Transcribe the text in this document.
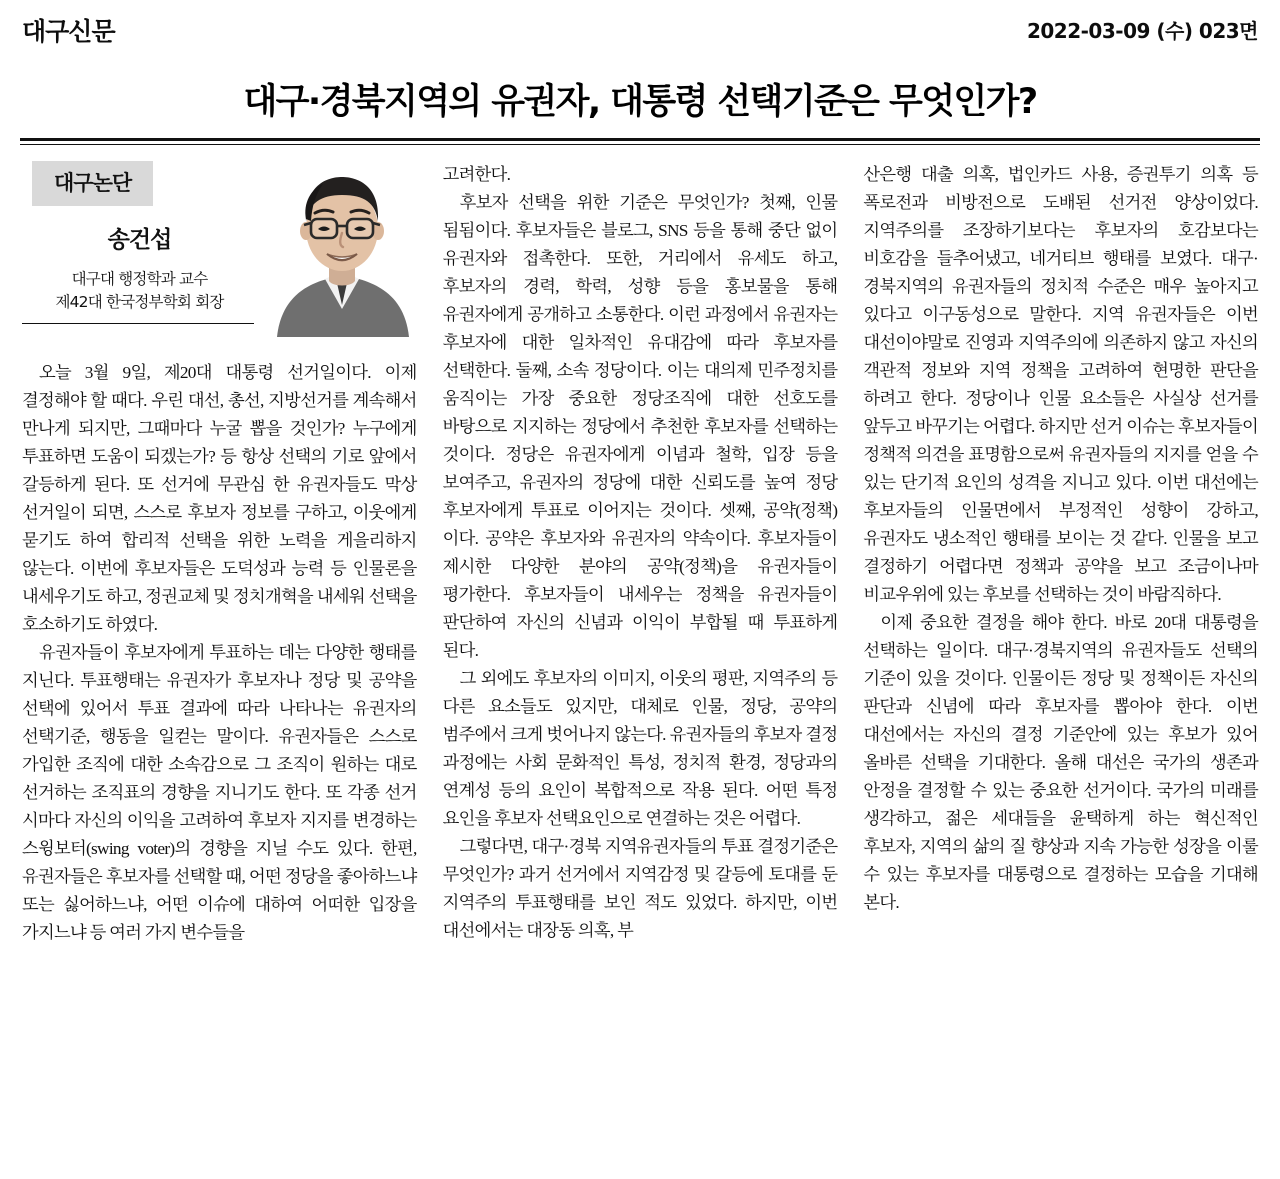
대구신문	2022-03-09 (수) 023면
대구·경북지역의 유권자, 대통령 선택기준은 무엇인가?
대구논단
송건섭
대구대 행정학과 교수
제42대 한국정부학회 회장

오늘 3월 9일, 제20대 대통령 선거일이다. 이제 결정해야 할 때다. 우린 대선, 총선, 지방선거를 계속해서 만나게 되지만, 그때마다 누굴 뽑을 것인가? 누구에게 투표하면 도움이 되겠는가? 등 항상 선택의 기로 앞에서 갈등하게 된다. 또 선거에 무관심 한 유권자들도 막상 선거일이 되면, 스스로 후보자 정보를 구하고, 이웃에게 묻기도 하여 합리적 선택을 위한 노력을 게을리하지 않는다. 이번에 후보자들은 도덕성과 능력 등 인물론을 내세우기도 하고, 정권교체 및 정치개혁을 내세워 선택을 호소하기도 하였다.

유권자들이 후보자에게 투표하는 데는 다양한 행태를 지닌다. 투표행태는 유권자가 후보자나 정당 및 공약을 선택에 있어서 투표 결과에 따라 나타나는 유권자의 선택기준, 행동을 일컫는 말이다. 유권자들은 스스로 가입한 조직에 대한 소속감으로 그 조직이 원하는 대로 선거하는 조직표의 경향을 지니기도 한다. 또 각종 선거 시마다 자신의 이익을 고려하여 후보자 지지를 변경하는 스윙보터(swing voter)의 경향을 지닐 수도 있다. 한편, 유권자들은 후보자를 선택할 때, 어떤 정당을 좋아하느냐 또는 싫어하느냐, 어떤 이슈에 대하여 어떠한 입장을 가지느냐 등 여러 가지 변수들을

고려한다.

후보자 선택을 위한 기준은 무엇인가? 첫째, 인물 됨됨이다. 후보자들은 블로그, SNS 등을 통해 중단 없이 유권자와 접촉한다. 또한, 거리에서 유세도 하고, 후보자의 경력, 학력, 성향 등을 홍보물을 통해 유권자에게 공개하고 소통한다. 이런 과정에서 유권자는 후보자에 대한 일차적인 유대감에 따라 후보자를 선택한다. 둘째, 소속 정당이다. 이는 대의제 민주정치를 움직이는 가장 중요한 정당조직에 대한 선호도를 바탕으로 지지하는 정당에서 추천한 후보자를 선택하는 것이다. 정당은 유권자에게 이념과 철학, 입장 등을 보여주고, 유권자의 정당에 대한 신뢰도를 높여 정당 후보자에게 투표로 이어지는 것이다. 셋째, 공약(정책)이다. 공약은 후보자와 유권자의 약속이다. 후보자들이 제시한 다양한 분야의 공약(정책)을 유권자들이 평가한다. 후보자들이 내세우는 정책을 유권자들이 판단하여 자신의 신념과 이익이 부합될 때 투표하게 된다.

그 외에도 후보자의 이미지, 이웃의 평판, 지역주의 등 다른 요소들도 있지만, 대체로 인물, 정당, 공약의 범주에서 크게 벗어나지 않는다. 유권자들의 후보자 결정 과정에는 사회 문화적인 특성, 정치적 환경, 정당과의 연계성 등의 요인이 복합적으로 작용 된다. 어떤 특정 요인을 후보자 선택요인으로 연결하는 것은 어렵다.

그렇다면, 대구·경북 지역유권자들의 투표 결정기준은 무엇인가? 과거 선거에서 지역감정 및 갈등에 토대를 둔 지역주의 투표행태를 보인 적도 있었다. 하지만, 이번 대선에서는 대장동 의혹, 부

산은행 대출 의혹, 법인카드 사용, 증권투기 의혹 등 폭로전과 비방전으로 도배된 선거전 양상이었다. 지역주의를 조장하기보다는 후보자의 호감보다는 비호감을 들추어냈고, 네거티브 행태를 보였다. 대구·경북지역의 유권자들의 정치적 수준은 매우 높아지고 있다고 이구동성으로 말한다. 지역 유권자들은 이번 대선이야말로 진영과 지역주의에 의존하지 않고 자신의 객관적 정보와 지역 정책을 고려하여 현명한 판단을 하려고 한다. 정당이나 인물 요소들은 사실상 선거를 앞두고 바꾸기는 어렵다. 하지만 선거 이슈는 후보자들이 정책적 의견을 표명함으로써 유권자들의 지지를 얻을 수 있는 단기적 요인의 성격을 지니고 있다. 이번 대선에는 후보자들의 인물면에서 부정적인 성향이 강하고, 유권자도 냉소적인 행태를 보이는 것 같다. 인물을 보고 결정하기 어렵다면 정책과 공약을 보고 조금이나마 비교우위에 있는 후보를 선택하는 것이 바람직하다.

이제 중요한 결정을 해야 한다. 바로 20대 대통령을 선택하는 일이다. 대구·경북지역의 유권자들도 선택의 기준이 있을 것이다. 인물이든 정당 및 정책이든 자신의 판단과 신념에 따라 후보자를 뽑아야 한다. 이번 대선에서는 자신의 결정 기준안에 있는 후보가 있어 올바른 선택을 기대한다. 올해 대선은 국가의 생존과 안정을 결정할 수 있는 중요한 선거이다. 국가의 미래를 생각하고, 젊은 세대들을 윤택하게 하는 혁신적인 후보자, 지역의 삶의 질 향상과 지속 가능한 성장을 이룰 수 있는 후보자를 대통령으로 결정하는 모습을 기대해 본다.
